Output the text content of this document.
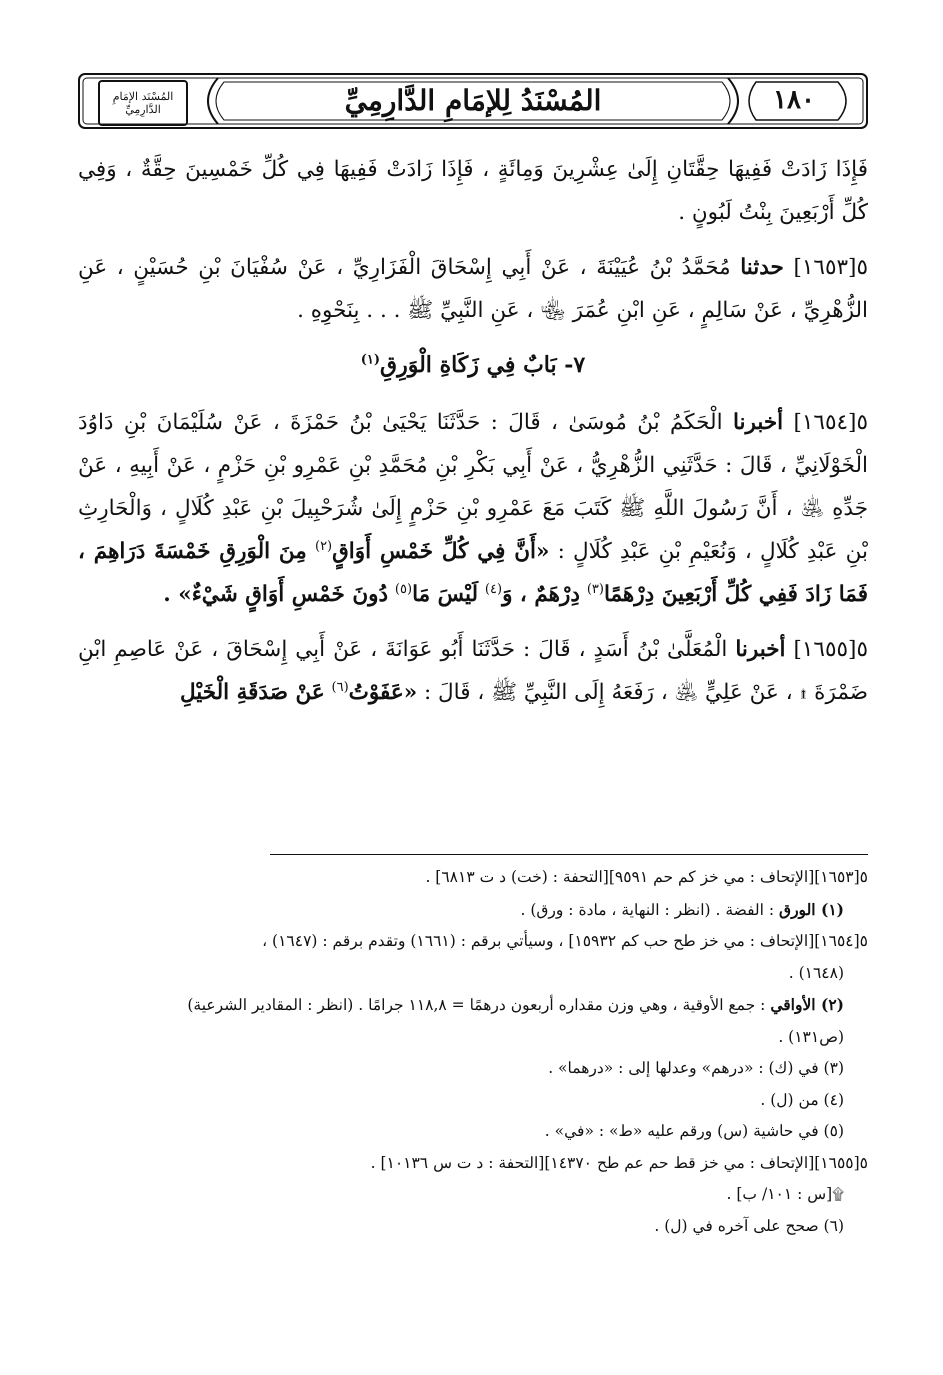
المُسْنَد الإمَامِ الدَّارِمِيِّ	المُسْنَدُ لِلإمَامِ الدَّارِمِيِّ	١٨٠

فَإِذَا زَادَتْ فَفِيهَا حِقَّتَانِ إِلَىٰ عِشْرِينَ وَمِائَةٍ ، فَإِذَا زَادَتْ فَفِيهَا فِي كُلِّ خَمْسِينَ حِقَّةٌ ، وَفِي كُلِّ أَرْبَعِينَ بِنْتُ لَبُونٍ .

٥[١٦٥٣] حدثنا مُحَمَّدُ بْنُ عُيَيْنَةَ ، عَنْ أَبِي إِسْحَاقَ الْفَزَارِيِّ ، عَنْ سُفْيَانَ بْنِ حُسَيْنٍ ، عَنِ الزُّهْرِيِّ ، عَنْ سَالِمٍ ، عَنِ ابْنِ عُمَرَ ﵄ ، عَنِ النَّبِيِّ ﷺ . . . بِنَحْوِهِ .

٧- بَابٌ فِي زَكَاةِ الْوَرِقِ$^{(١)}$

٥[١٦٥٤] أخبرنا الْحَكَمُ بْنُ مُوسَىٰ ، قَالَ : حَدَّثَنَا يَحْيَىٰ بْنُ حَمْزَةَ ، عَنْ سُلَيْمَانَ بْنِ دَاوُدَ الْخَوْلَانِيِّ ، قَالَ : حَدَّثَنِي الزُّهْرِيُّ ، عَنْ أَبِي بَكْرِ بْنِ مُحَمَّدِ بْنِ عَمْرِو بْنِ حَزْمٍ ، عَنْ أَبِيهِ ، عَنْ جَدِّهِ ﵁ ، أَنَّ رَسُولَ اللَّهِ ﷺ كَتَبَ مَعَ عَمْرِو بْنِ حَزْمٍ إِلَىٰ شُرَحْبِيلَ بْنِ عَبْدِ كُلَالٍ ، وَالْحَارِثِ بْنِ عَبْدِ كُلَالٍ ، وَنُعَيْمِ بْنِ عَبْدِ كُلَالٍ : «أَنَّ فِي كُلِّ خَمْسِ أَوَاقٍ$^{(٢)}$ مِنَ الْوَرِقِ خَمْسَةَ دَرَاهِمَ ، فَمَا زَادَ فَفِي كُلِّ أَرْبَعِينَ دِرْهَمًا$^{(٣)}$ دِرْهَمٌ ، وَ$^{(٤)}$ لَيْسَ مَا$^{(٥)}$ دُونَ خَمْسِ أَوَاقٍ شَيْءٌ» .

٥[١٦٥٥] أخبرنا الْمُعَلَّىٰ بْنُ أَسَدٍ ، قَالَ : حَدَّثَنَا أَبُو عَوَانَةَ ، عَنْ أَبِي إِسْحَاقَ ، عَنْ عَاصِمِ ابْنِ ضَمْرَةَ ۩ ، عَنْ عَلِيٍّ ﵁ ، رَفَعَهُ إِلَى النَّبِيِّ ﷺ ، قَالَ : «عَفَوْتُ$^{(٦)}$ عَنْ صَدَقَةِ الْخَيْلِ

٥[١٦٥٣][الإتحاف : مي خز كم حم ٩٥٩١][التحفة : (خت) د ت ٦٨١٣] .
(١) الورق : الفضة . (انظر : النهاية ، مادة : ورق) .
٥[١٦٥٤][الإتحاف : مي خز طح حب كم ١٥٩٣٢] ، وسيأتي برقم : (١٦٦١) وتقدم برقم : (١٦٤٧) ،
(١٦٤٨) .
(٢) الأواقي : جمع الأوقية ، وهي وزن مقداره أربعون درهمًا = ١١٨,٨ جرامًا . (انظر : المقادير الشرعية)
(ص١٣١) .
(٣) في (ك) : «درهم» وعدلها إلى : «درهما» .
(٤) من (ل) .
(٥) في حاشية (س) ورقم عليه «ط» : «في» .
٥[١٦٥٥][الإتحاف : مي خز قط حم عم طح ١٤٣٧٠][التحفة : د ت س ١٠١٣٦] .
۩[س : ١٠١/ ب] .
(٦) صحح على آخره في (ل) .
